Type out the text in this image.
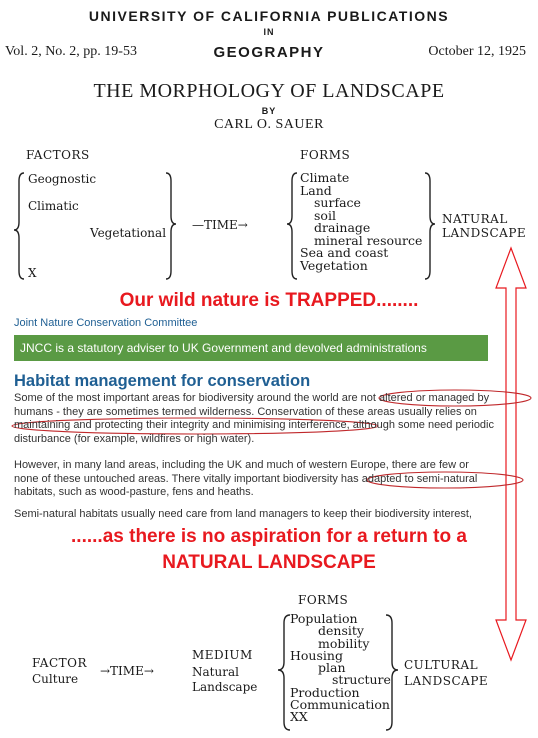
UNIVERSITY OF CALIFORNIA PUBLICATIONS
IN
Vol. 2, No. 2, pp. 19-53	GEOGRAPHY	October 12, 1925
THE MORPHOLOGY OF LANDSCAPE
BY
CARL O. SAUER
FACTORS	FORMS
Geognostic
Climatic
Vegetational
X
—TIME→
Climate
Land
surface
soil
drainage
mineral resource
Sea and coast
Vegetation
NATURAL
LANDSCAPE
Our wild nature is TRAPPED........
Joint Nature Conservation Committee
JNCC is a statutory adviser to UK Government and devolved administrations
Habitat management for conservation
Some of the most important areas for biodiversity around the world are not altered or managed by
humans - they are sometimes termed wilderness. Conservation of these areas usually relies on
maintaining and protecting their integrity and minimising interference, although some need periodic
disturbance (for example, wildfires or high water).
However, in many land areas, including the UK and much of western Europe, there are few or
none of these untouched areas. There vitally important biodiversity has adapted to semi-natural
habitats, such as wood-pasture, fens and heaths.
Semi-natural habitats usually need care from land managers to keep their biodiversity interest,
......as there is no aspiration for a return to a
NATURAL LANDSCAPE
FORMS
FACTOR
Culture
→TIME→
MEDIUM
Natural
Landscape
Population
density
mobility
Housing
plan
structure
Production
Communication
XX
CULTURAL
LANDSCAPE
